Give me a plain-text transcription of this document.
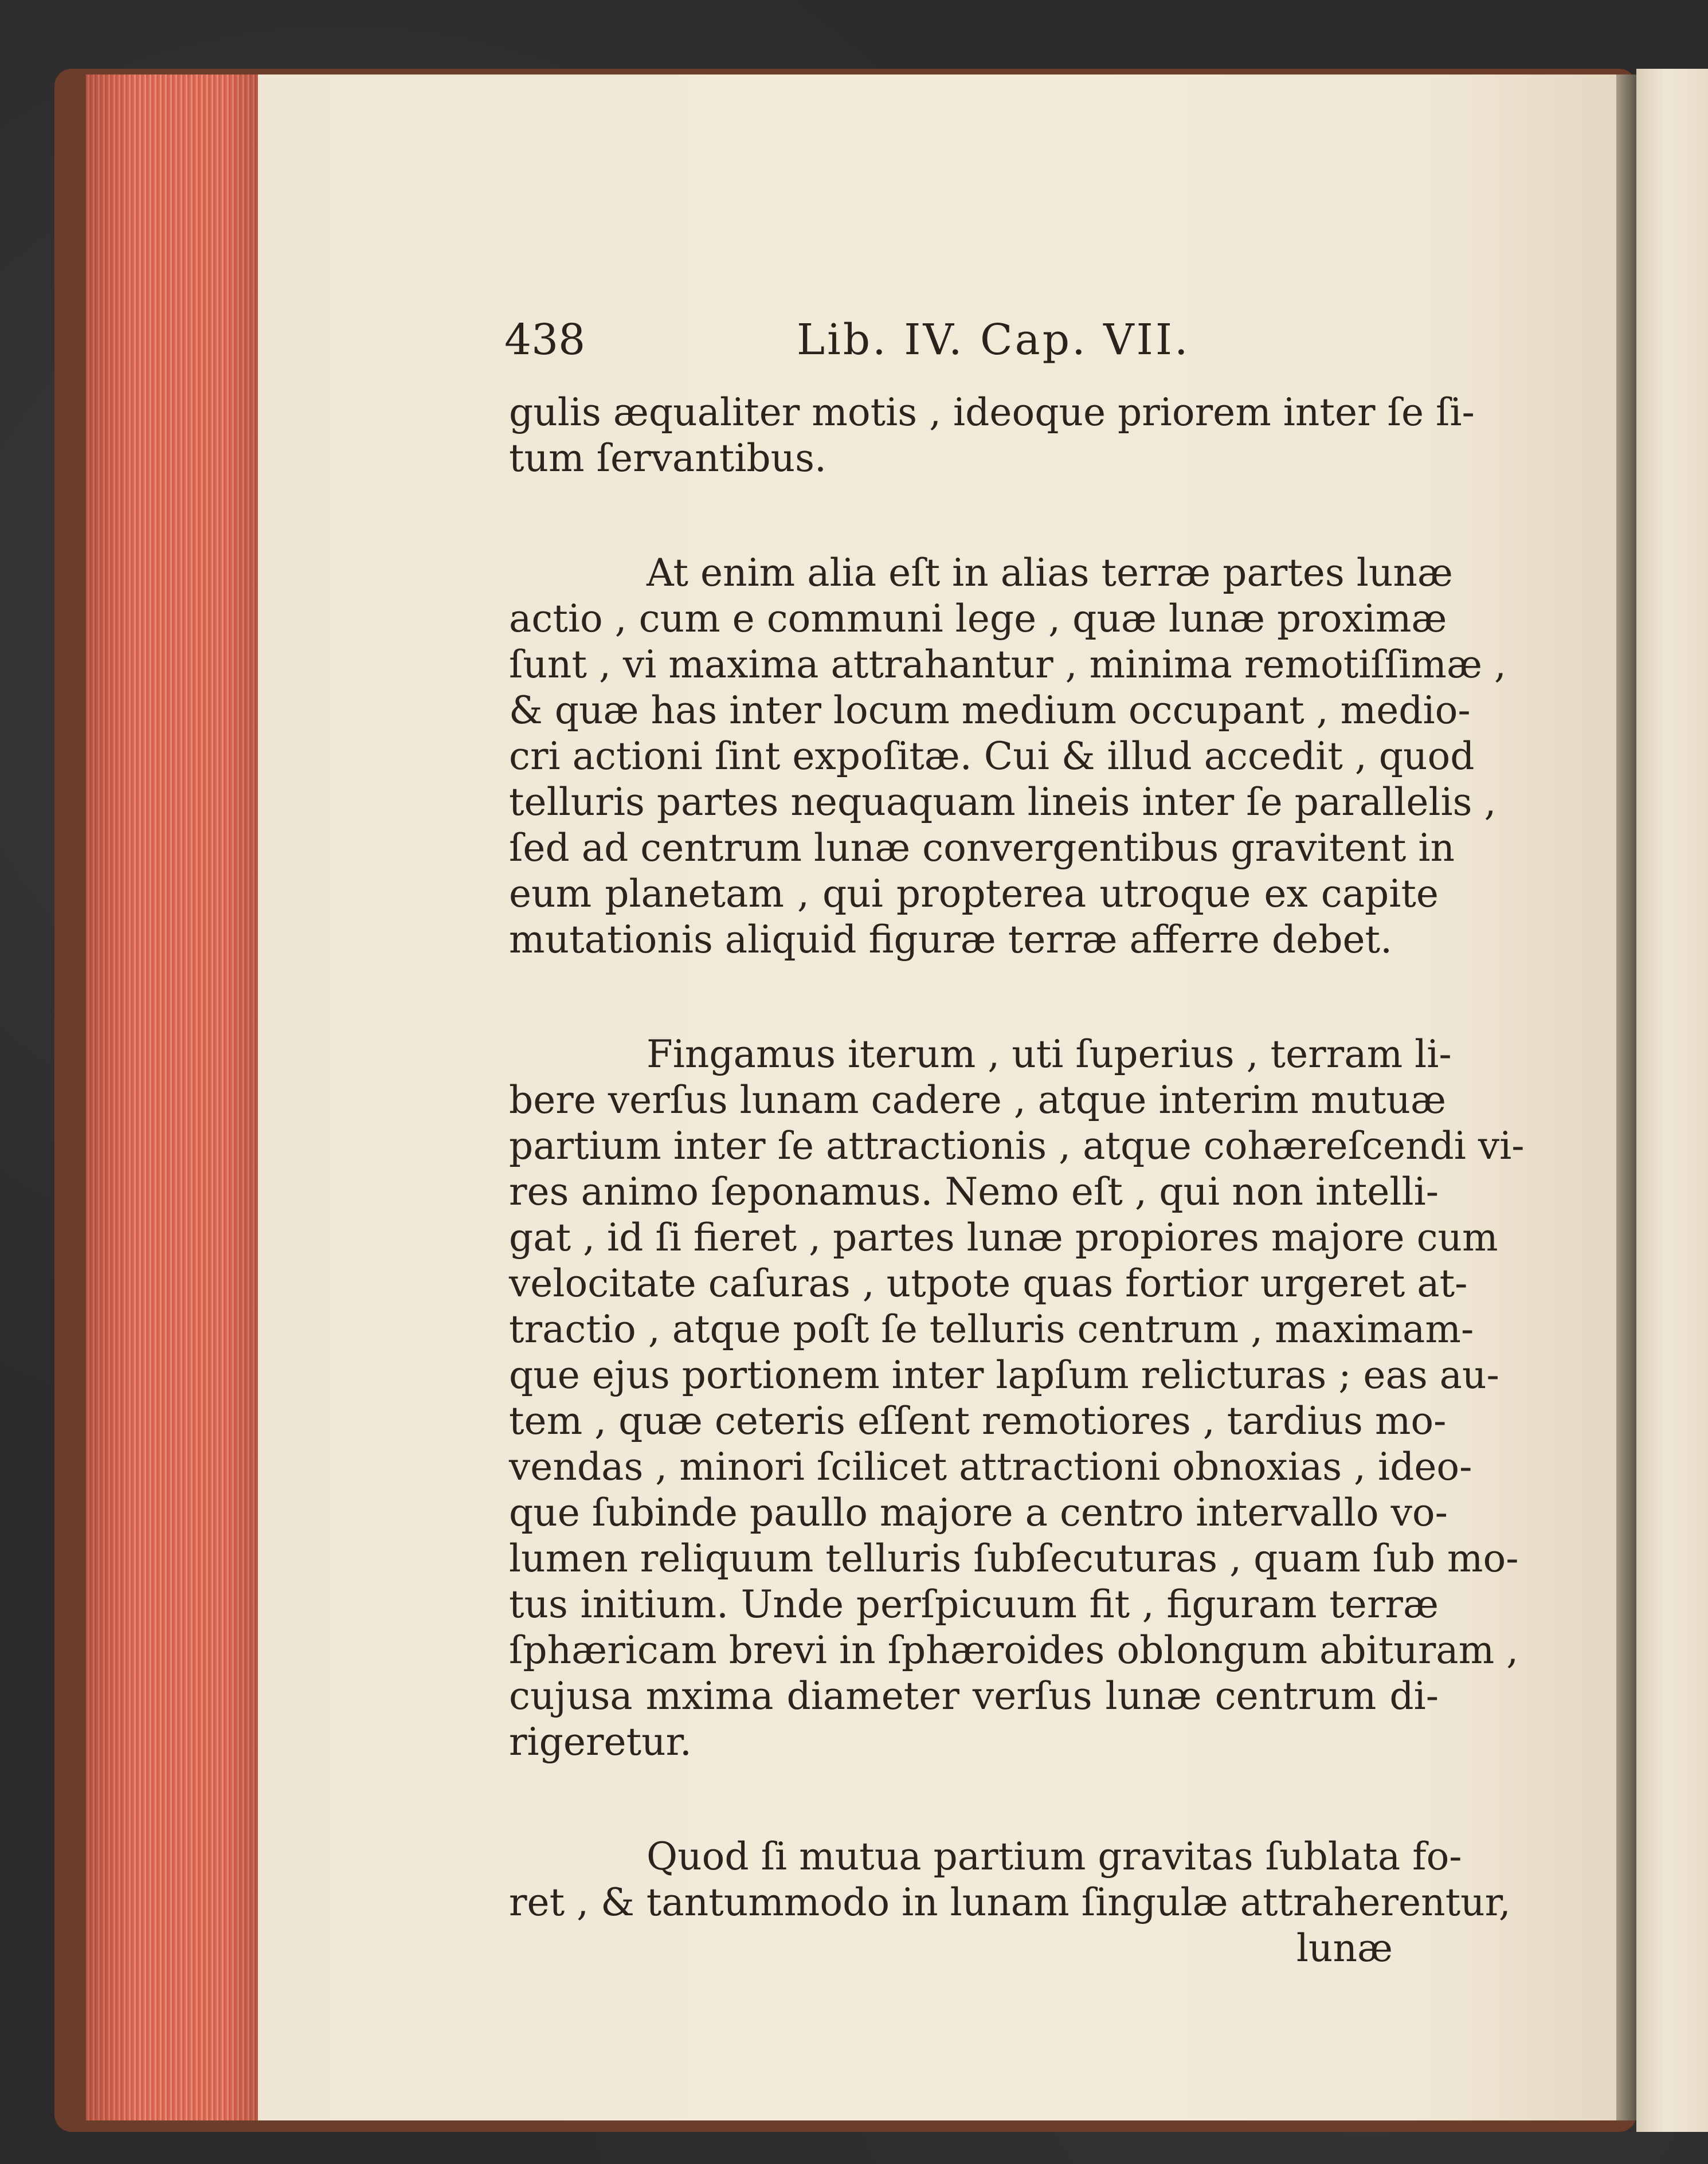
438	Lib. IV. Cap. VII.
gulis æqualiter motis , ideoque priorem inter ſe ſi-
tum ſervantibus.
At enim alia eſt in alias terræ partes lunæ
actio , cum e communi lege , quæ lunæ proximæ
ſunt , vi maxima attrahantur , minima remotiſſimæ ,
& quæ has inter locum medium occupant , medio-
cri actioni ſint expoſitæ. Cui & illud accedit , quod
telluris partes nequaquam lineis inter ſe parallelis ,
ſed ad centrum lunæ convergentibus gravitent in
eum planetam , qui propterea utroque ex capite
mutationis aliquid figuræ terræ afferre debet.
Fingamus iterum , uti ſuperius , terram li-
bere verſus lunam cadere , atque interim mutuæ
partium inter ſe attractionis , atque cohæreſcendi vi-
res animo ſeponamus. Nemo eſt , qui non intelli-
gat , id ſi fieret , partes lunæ propiores majore cum
velocitate caſuras , utpote quas fortior urgeret at-
tractio , atque poſt ſe telluris centrum , maximam-
que ejus portionem inter lapſum relicturas ; eas au-
tem , quæ ceteris eſſent remotiores , tardius mo-
vendas , minori ſcilicet attractioni obnoxias , ideo-
que ſubinde paullo majore a centro intervallo vo-
lumen reliquum telluris ſubſecuturas , quam ſub mo-
tus initium. Unde perſpicuum fit , figuram terræ
ſphæricam brevi in ſphæroides oblongum abituram ,
cujusa mxima diameter verſus lunæ centrum di-
rigeretur.
Quod ſi mutua partium gravitas ſublata fo-
ret , & tantummodo in lunam ſingulæ attraherentur,
lunæ
